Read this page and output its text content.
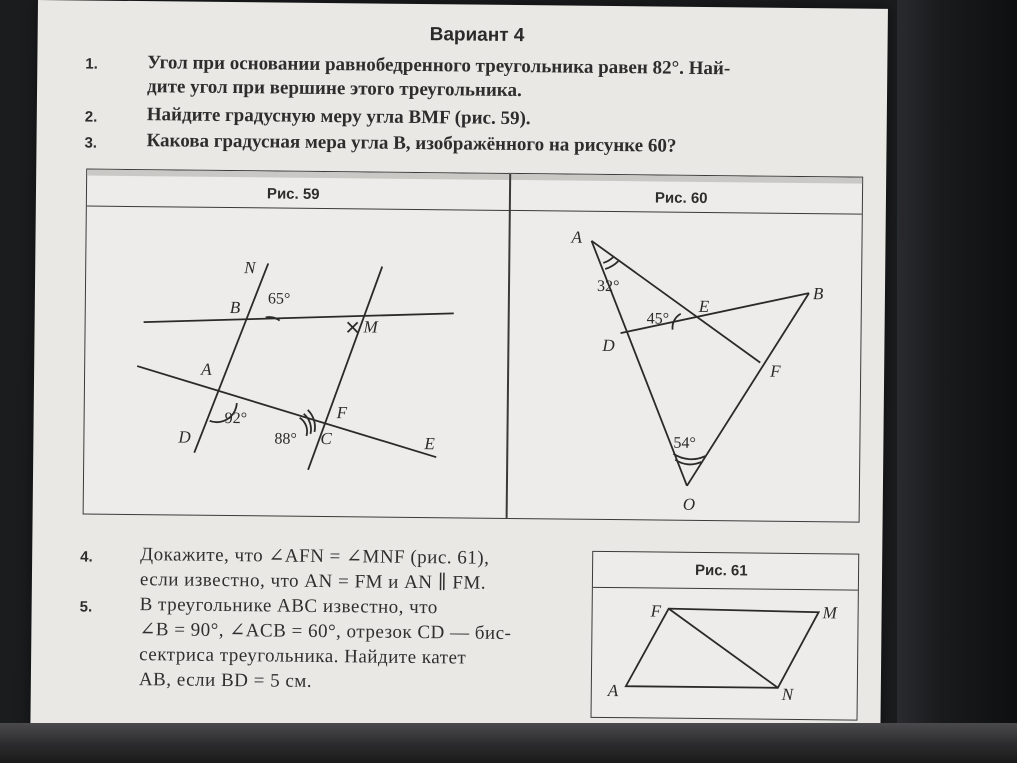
Вариант 4
1.	Угол при основании равнобедренного треугольника равен 82°. Най-
дите угол при вершине этого треугольника.
2.	Найдите градусную меру угла BMF (рис. 59).
3.	Какова градусная мера угла B, изображённого на рисунке 60?
Рис. 59	Рис. 60
N
B 65°
M
A
92°
D
F
88° C	E
A
32°
E
B
45°
D
F
54°
O
4. Докажите, что ∠AFN = ∠MNF (рис. 61),
если известно, что AN = FM и AN ∥ FM.
5. В треугольнике ABC известно, что
∠B = 90°, ∠ACB = 60°, отрезок CD — бис-
сектриса треугольника. Найдите катет
AB, если BD = 5 см.
Рис. 61
F	M
A	N
